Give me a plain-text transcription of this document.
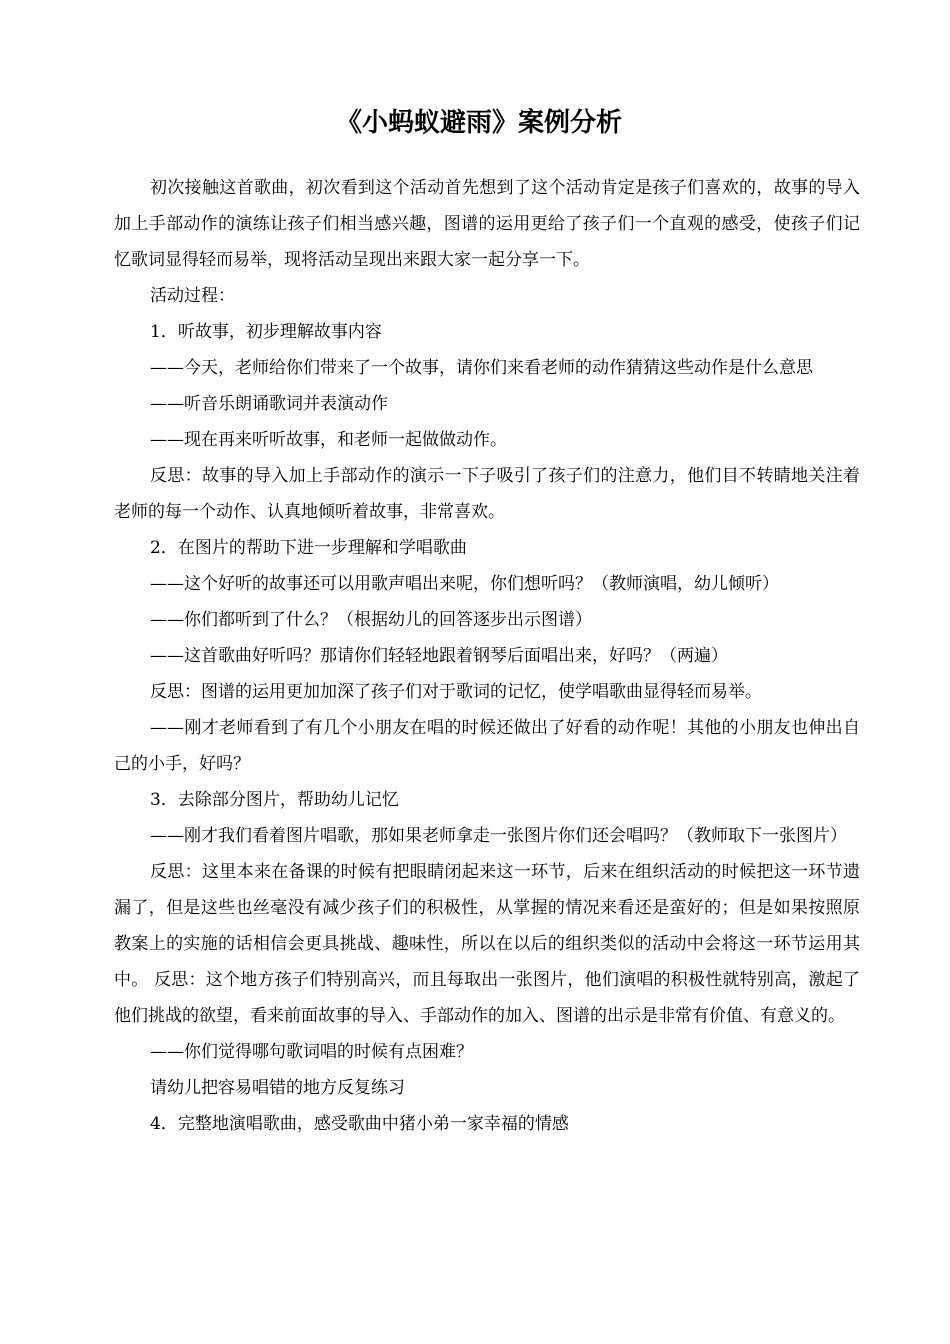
《小蚂蚁避雨》案例分析

初次接触这首歌曲，初次看到这个活动首先想到了这个活动肯定是孩子们喜欢的，故事的导入加上手部动作的演练让孩子们相当感兴趣，图谱的运用更给了孩子们一个直观的感受，使孩子们记忆歌词显得轻而易举，现将活动呈现出来跟大家一起分享一下。

活动过程：

1．听故事，初步理解故事内容

——今天，老师给你们带来了一个故事，请你们来看老师的动作猜猜这些动作是什么意思

——听音乐朗诵歌词并表演动作

——现在再来听听故事，和老师一起做做动作。

反思：故事的导入加上手部动作的演示一下子吸引了孩子们的注意力，他们目不转睛地关注着老师的每一个动作、认真地倾听着故事，非常喜欢。

2．在图片的帮助下进一步理解和学唱歌曲

——这个好听的故事还可以用歌声唱出来呢，你们想听吗？（教师演唱，幼儿倾听）

——你们都听到了什么？（根据幼儿的回答逐步出示图谱）

——这首歌曲好听吗？那请你们轻轻地跟着钢琴后面唱出来，好吗？（两遍）

反思：图谱的运用更加加深了孩子们对于歌词的记忆，使学唱歌曲显得轻而易举。

——刚才老师看到了有几个小朋友在唱的时候还做出了好看的动作呢！其他的小朋友也伸出自己的小手，好吗？

3．去除部分图片，帮助幼儿记忆

——刚才我们看着图片唱歌，那如果老师拿走一张图片你们还会唱吗？（教师取下一张图片）

反思：这里本来在备课的时候有把眼睛闭起来这一环节，后来在组织活动的时候把这一环节遗漏了，但是这些也丝毫没有减少孩子们的积极性，从掌握的情况来看还是蛮好的；但是如果按照原教案上的实施的话相信会更具挑战、趣味性，所以在以后的组织类似的活动中会将这一环节运用其中。 反思：这个地方孩子们特别高兴，而且每取出一张图片，他们演唱的积极性就特别高，激起了他们挑战的欲望，看来前面故事的导入、手部动作的加入、图谱的出示是非常有价值、有意义的。

——你们觉得哪句歌词唱的时候有点困难？

请幼儿把容易唱错的地方反复练习

4．完整地演唱歌曲，感受歌曲中猪小弟一家幸福的情感
